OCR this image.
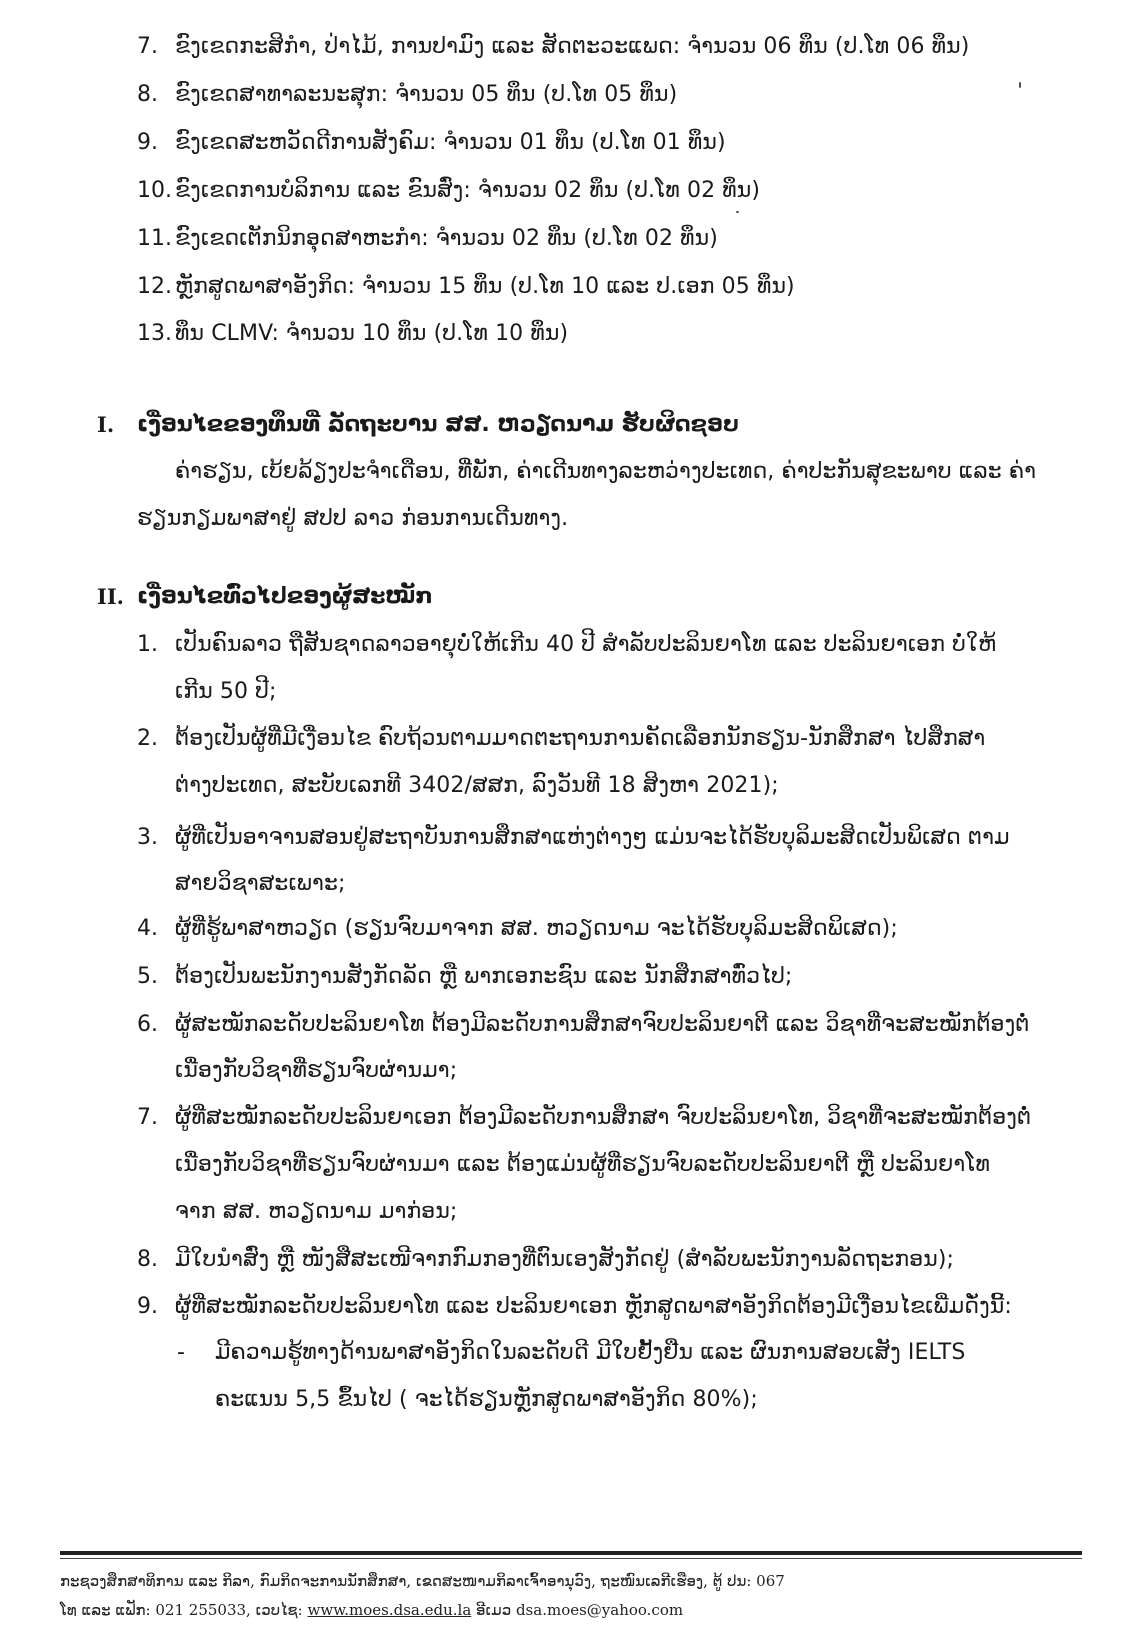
7. ຂົງເຂດກະສິກຳ, ປ່າໄມ້, ການປາມົງ ແລະ ສັດຕະວະແພດ: ຈຳນວນ 06 ທຶນ (ປ.ໂທ 06 ທຶນ)
8. ຂົງເຂດສາທາລະນະສຸກ: ຈຳນວນ 05 ທຶນ (ປ.ໂທ 05 ທຶນ)
9. ຂົງເຂດສະຫວັດດີການສັງຄົມ: ຈຳນວນ 01 ທຶນ (ປ.ໂທ 01 ທຶນ)
10. ຂົງເຂດການບໍລິການ ແລະ ຂົນສົ່ງ: ຈຳນວນ 02 ທຶນ (ປ.ໂທ 02 ທຶນ)
11. ຂົງເຂດເຕັກນິກອຸດສາຫະກຳ: ຈຳນວນ 02 ທຶນ (ປ.ໂທ 02 ທຶນ)
12. ຫຼັກສູດພາສາອັງກິດ: ຈຳນວນ 15 ທຶນ (ປ.ໂທ 10 ແລະ ປ.ເອກ 05 ທຶນ)
13. ທຶນ CLMV: ຈຳນວນ 10 ທຶນ (ປ.ໂທ 10 ທຶນ)
I. ເງື່ອນໄຂຂອງທຶນທີ່ ລັດຖະບານ ສສ. ຫວຽດນາມ ຮັບຜິດຊອບ
ຄ່າຮຽນ, ເບ້ຍລ້ຽງປະຈຳເດືອນ, ທີ່ພັກ, ຄ່າເດີນທາງລະຫວ່າງປະເທດ, ຄ່າປະກັນສຸຂະພາບ ແລະ ຄ່າ
ຮຽນກຽມພາສາຢູ່ ສປປ ລາວ ກ່ອນການເດີນທາງ.
II. ເງື່ອນໄຂທົ່ວໄປຂອງຜູ້ສະໝັກ
1. ເປັນຄົນລາວ ຖືສັນຊາດລາວອາຍຸບໍ່ໃຫ້ເກີນ 40 ປີ ສຳລັບປະລິນຍາໂທ ແລະ ປະລິນຍາເອກ ບໍ່ໃຫ້
ເກີນ 50 ປີ;
2. ຕ້ອງເປັນຜູ້ທີ່ມີເງື່ອນໄຂ ຄົບຖ້ວນຕາມມາດຕະຖານການຄັດເລືອກນັກຮຽນ-ນັກສຶກສາ ໄປສຶກສາ
ຕ່າງປະເທດ, ສະບັບເລກທີ 3402/ສສກ, ລົງວັນທີ 18 ສິງຫາ 2021);
3. ຜູ້ທີ່ເປັນອາຈານສອນຢູ່ສະຖາບັນການສຶກສາແຫ່ງຕ່າງໆ ແມ່ນຈະໄດ້ຮັບບຸລິມະສິດເປັນພິເສດ ຕາມ
ສາຍວິຊາສະເພາະ;
4. ຜູ້ທີ່ຮູ້ພາສາຫວຽດ (ຮຽນຈົບມາຈາກ ສສ. ຫວຽດນາມ ຈະໄດ້ຮັບບຸລິມະສິດພິເສດ);
5. ຕ້ອງເປັນພະນັກງານສັງກັດລັດ ຫຼື ພາກເອກະຊົນ ແລະ ນັກສຶກສາທົ່ວໄປ;
6. ຜູ້ສະໝັກລະດັບປະລິນຍາໂທ ຕ້ອງມີລະດັບການສຶກສາຈົບປະລິນຍາຕີ ແລະ ວິຊາທີ່ຈະສະໝັກຕ້ອງຕໍ່
ເນື່ອງກັບວິຊາທີ່ຮຽນຈົບຜ່ານມາ;
7. ຜູ້ທີ່ສະໝັກລະດັບປະລິນຍາເອກ ຕ້ອງມີລະດັບການສຶກສາ ຈົບປະລິນຍາໂທ, ວິຊາທີ່ຈະສະໝັກຕ້ອງຕໍ່
ເນື່ອງກັບວິຊາທີ່ຮຽນຈົບຜ່ານມາ ແລະ ຕ້ອງແມ່ນຜູ້ທີ່ຮຽນຈົບລະດັບປະລິນຍາຕີ ຫຼື ປະລິນຍາໂທ
ຈາກ ສສ. ຫວຽດນາມ ມາກ່ອນ;
8. ມີໃບນຳສົ່ງ ຫຼື ໜັງສືສະເໜີຈາກກົມກອງທີ່ຕົນເອງສັງກັດຢູ່ (ສຳລັບພະນັກງານລັດຖະກອນ);
9. ຜູ້ທີ່ສະໝັກລະດັບປະລິນຍາໂທ ແລະ ປະລິນຍາເອກ ຫຼັກສູດພາສາອັງກິດຕ້ອງມີເງື່ອນໄຂເພີ່ມດັ່ງນີ້:
- ມີຄວາມຮູ້ທາງດ້ານພາສາອັງກິດໃນລະດັບດີ ມີໃບຢັ້ງຢືນ ແລະ ຜົນການສອບເສັງ IELTS
ຄະແນນ 5,5 ຂຶ້ນໄປ ( ຈະໄດ້ຮຽນຫຼັກສູດພາສາອັງກິດ 80%);
ກະຊວງສຶກສາທິການ ແລະ ກິລາ, ກົມກິດຈະການນັກສຶກສາ, ເຂດສະໜາມກິລາເຈົ້າອານຸວົງ, ຖະໜົນເລກີເຮືອງ, ຕູ້ ປນ: 067
ໂທ ແລະ ແຟັກ: 021 255033, ເວບໄຊ: www.moes.dsa.edu.la ອີເມວ dsa.moes@yahoo.com
